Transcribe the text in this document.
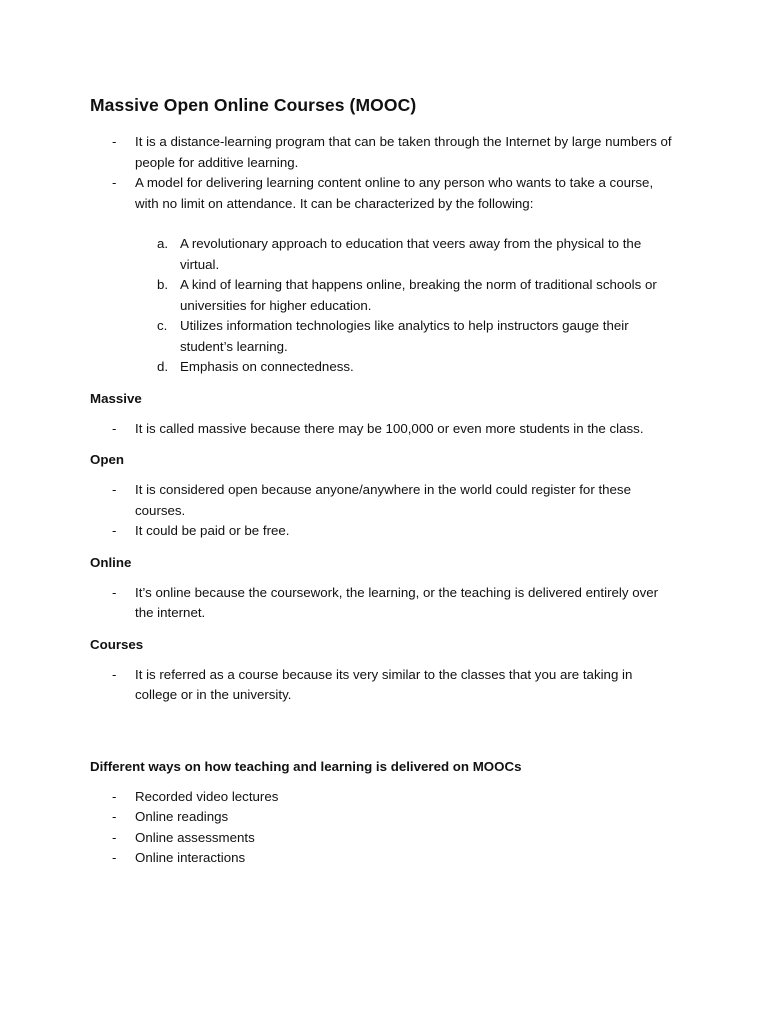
Massive Open Online Courses (MOOC)
- It is a distance-learning program that can be taken through the Internet by large numbers of people for additive learning.
- A model for delivering learning content online to any person who wants to take a course, with no limit on attendance. It can be characterized by the following:
a. A revolutionary approach to education that veers away from the physical to the virtual.
b. A kind of learning that happens online, breaking the norm of traditional schools or universities for higher education.
c. Utilizes information technologies like analytics to help instructors gauge their student’s learning.
d. Emphasis on connectedness.
Massive
- It is called massive because there may be 100,000 or even more students in the class.
Open
- It is considered open because anyone/anywhere in the world could register for these courses.
- It could be paid or be free.
Online
- It’s online because the coursework, the learning, or the teaching is delivered entirely over the internet.
Courses
- It is referred as a course because its very similar to the classes that you are taking in college or in the university.
Different ways on how teaching and learning is delivered on MOOCs
- Recorded video lectures
- Online readings
- Online assessments
- Online interactions
